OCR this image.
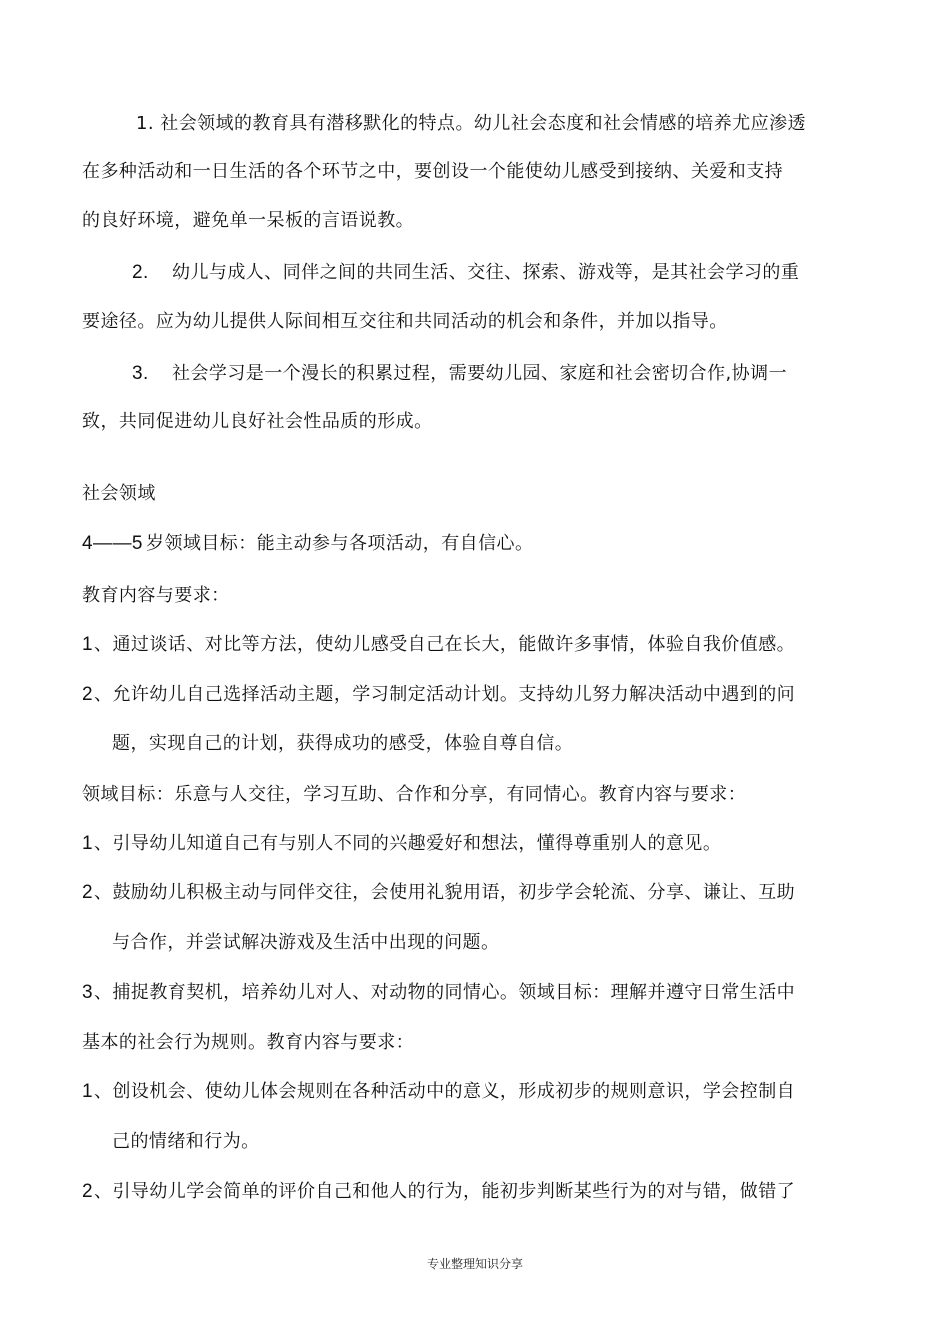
1. 社会领域的教育具有潜移默化的特点。幼儿社会态度和社会情感的培养尤应渗透
在多种活动和一日生活的各个环节之中，要创设一个能使幼儿感受到接纳、关爱和支持
的良好环境，避免单一呆板的言语说教。
2. 幼儿与成人、同伴之间的共同生活、交往、探索、游戏等，是其社会学习的重
要途径。应为幼儿提供人际间相互交往和共同活动的机会和条件，并加以指导。
3. 社会学习是一个漫长的积累过程，需要幼儿园、家庭和社会密切合作,协调一
致，共同促进幼儿良好社会性品质的形成。
社会领域
4——5 岁领域目标：能主动参与各项活动，有自信心。
教育内容与要求：
1 、通过谈话、对比等方法，使幼儿感受自己在长大，能做许多事情，体验自我价值感。
2 、允许幼儿自己选择活动主题，学习制定活动计划。支持幼儿努力解决活动中遇到的问
题，实现自己的计划，获得成功的感受，体验自尊自信。
领域目标：乐意与人交往，学习互助、合作和分享，有同情心。教育内容与要求：
1 、引导幼儿知道自己有与别人不同的兴趣爱好和想法，懂得尊重别人的意见。
2 、鼓励幼儿积极主动与同伴交往，会使用礼貌用语，初步学会轮流、分享、谦让、互助
与合作，并尝试解决游戏及生活中出现的问题。
3 、捕捉教育契机，培养幼儿对人、对动物的同情心。领域目标：理解并遵守日常生活中
基本的社会行为规则。教育内容与要求：
1 、创设机会、使幼儿体会规则在各种活动中的意义，形成初步的规则意识，学会控制自
己的情绪和行为。
2 、引导幼儿学会简单的评价自己和他人的行为，能初步判断某些行为的对与错，做错了
专业整理知识分享
